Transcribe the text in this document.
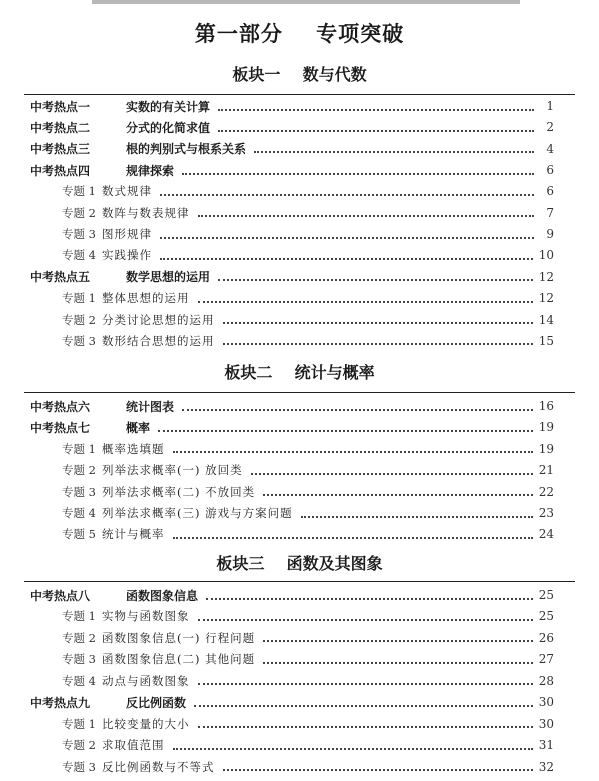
第一部分    专项突破
板块一    数与代数
中考热点一	实数的有关计算	1
中考热点二	分式的化简求值	2
中考热点三	根的判别式与根系关系	4
中考热点四	规律探索	6
专题 1 数式规律	6
专题 2 数阵与数表规律	7
专题 3 图形规律	9
专题 4 实践操作	10
中考热点五	数学思想的运用	12
专题 1 整体思想的运用	12
专题 2 分类讨论思想的运用	14
专题 3 数形结合思想的运用	15
板块二    统计与概率
中考热点六	统计图表	16
中考热点七	概率	19
专题 1 概率选填题	19
专题 2 列举法求概率(一) 放回类	21
专题 3 列举法求概率(二) 不放回类	22
专题 4 列举法求概率(三) 游戏与方案问题	23
专题 5 统计与概率	24
板块三    函数及其图象
中考热点八	函数图象信息	25
专题 1 实物与函数图象	25
专题 2 函数图象信息(一) 行程问题	26
专题 3 函数图象信息(二) 其他问题	27
专题 4 动点与函数图象	28
中考热点九	反比例函数	30
专题 1 比较变量的大小	30
专题 2 求取值范围	31
专题 3 反比例函数与不等式	32
